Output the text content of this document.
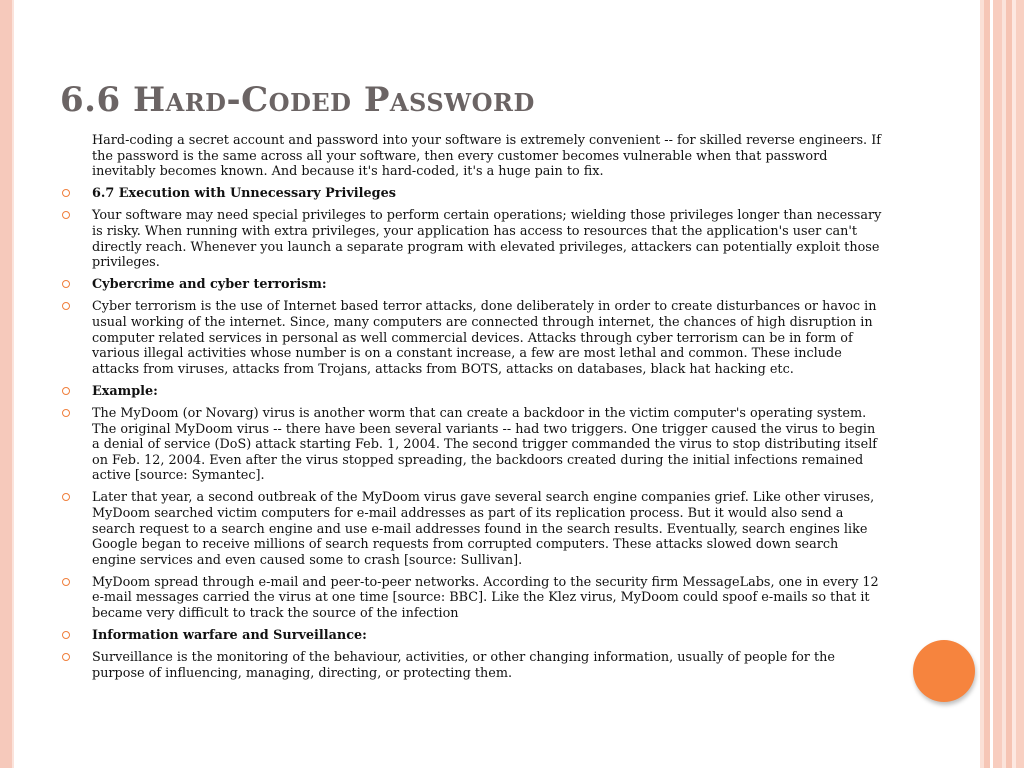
6.6 Hard-Coded Password
Hard-coding a secret account and password into your software is extremely convenient -- for skilled reverse engineers. If the password is the same across all your software, then every customer becomes vulnerable when that password inevitably becomes known. And because it's hard-coded, it's a huge pain to fix.
6.7 Execution with Unnecessary Privileges
Your software may need special privileges to perform certain operations; wielding those privileges longer than necessary is risky. When running with extra privileges, your application has access to resources that the application's user can't directly reach. Whenever you launch a separate program with elevated privileges, attackers can potentially exploit those privileges.
Cybercrime and cyber terrorism:
Cyber terrorism is the use of Internet based terror attacks, done deliberately in order to create disturbances or havoc in usual working of the internet. Since, many computers are connected through internet, the chances of high disruption in computer related services in personal as well commercial devices. Attacks through cyber terrorism can be in form of various illegal activities whose number is on a constant increase, a few are most lethal and common. These include attacks from viruses, attacks from Trojans, attacks from BOTS, attacks on databases, black hat hacking etc.
Example:
The MyDoom (or Novarg) virus is another worm that can create a backdoor in the victim computer's operating system. The original MyDoom virus -- there have been several variants -- had two triggers. One trigger caused the virus to begin a denial of service (DoS) attack starting Feb. 1, 2004. The second trigger commanded the virus to stop distributing itself on Feb. 12, 2004. Even after the virus stopped spreading, the backdoors created during the initial infections remained active [source: Symantec].
Later that year, a second outbreak of the MyDoom virus gave several search engine companies grief. Like other viruses, MyDoom searched victim computers for e-mail addresses as part of its replication process. But it would also send a search request to a search engine and use e-mail addresses found in the search results. Eventually, search engines like Google began to receive millions of search requests from corrupted computers. These attacks slowed down search engine services and even caused some to crash [source: Sullivan].
MyDoom spread through e-mail and peer-to-peer networks. According to the security firm MessageLabs, one in every 12 e-mail messages carried the virus at one time [source: BBC]. Like the Klez virus, MyDoom could spoof e-mails so that it became very difficult to track the source of the infection
Information warfare and Surveillance:
Surveillance is the monitoring of the behaviour, activities, or other changing information, usually of people for the purpose of influencing, managing, directing, or protecting them.
